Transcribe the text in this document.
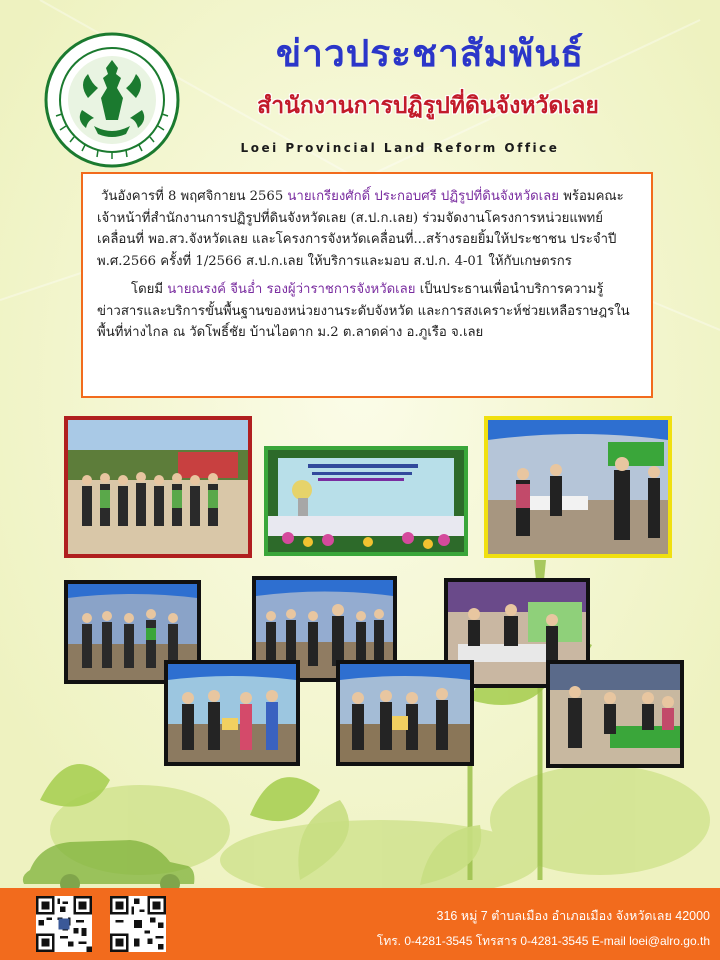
ข่าวประชาสัมพันธ์
สำนักงานการปฏิรูปที่ดินจังหวัดเลย
Loei Provincial Land Reform Office

วันอังคารที่ 8 พฤศจิกายน 2565 นายเกรียงศักดิ์ ประกอบศรี ปฏิรูปที่ดินจังหวัดเลย พร้อมคณะเจ้าหน้าที่สำนักงานการปฏิรูปที่ดินจังหวัดเลย (ส.ป.ก.เลย) ร่วมจัดงานโครงการหน่วยแพทย์เคลื่อนที่ พอ.สว.จังหวัดเลย และโครงการจังหวัดเคลื่อนที่...สร้างรอยยิ้มให้ประชาชน ประจำปี พ.ศ.2566 ครั้งที่ 1/2566 ส.ป.ก.เลย ให้บริการและมอบ ส.ป.ก. 4-01 ให้กับเกษตรกร

โดยมี นายณรงค์ จีนอ่ำ รองผู้ว่าราชการจังหวัดเลย เป็นประธานเพื่อนำบริการความรู้ข่าวสารและบริการขั้นพื้นฐานของหน่วยงานระดับจังหวัด และการสงเคราะห์ช่วยเหลือราษฎรในพื้นที่ห่างไกล ณ วัดโพธิ์ชัย บ้านไอตาก ม.2 ต.ลาดค่าง อ.ภูเรือ จ.เลย

316 หมู่ 7 ตำบลเมือง อำเภอเมือง จังหวัดเลย 42000
โทร. 0-4281-3545 โทรสาร 0-4281-3545 E-mail loei@alro.go.th
